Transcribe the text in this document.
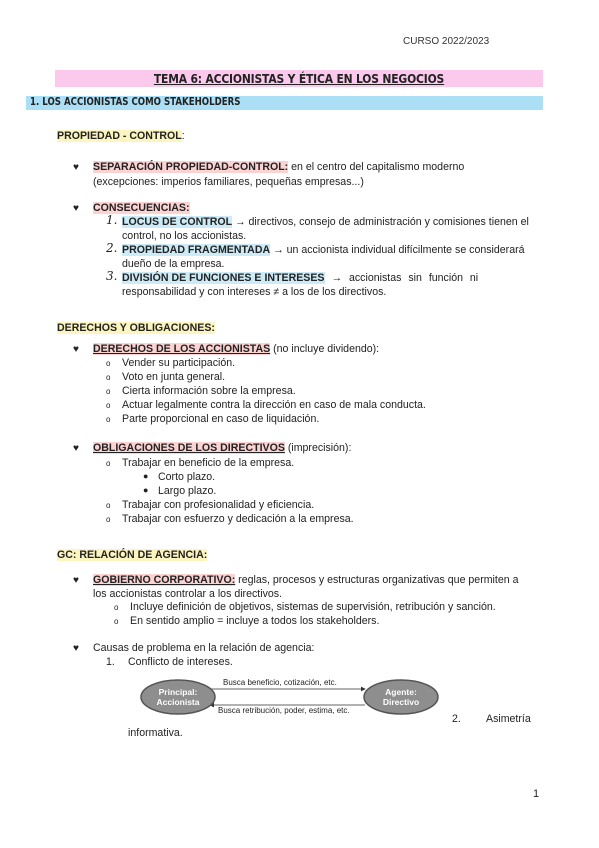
CURSO 2022/2023
TEMA 6: ACCIONISTAS Y ÉTICA EN LOS NEGOCIOS
1. LOS ACCIONISTAS COMO STAKEHOLDERS
PROPIEDAD - CONTROL:
♥ SEPARACIÓN PROPIEDAD-CONTROL: en el centro del capitalismo moderno
(excepciones: imperios familiares, pequeñas empresas...)
♥ CONSECUENCIAS:
1. LOCUS DE CONTROL → directivos, consejo de administración y comisiones tienen el
control, no los accionistas.
2. PROPIEDAD FRAGMENTADA → un accionista individual difícilmente se considerará
dueño de la empresa.
3. DIVISIÓN DE FUNCIONES E INTERESES → accionistas sin función ni
responsabilidad y con intereses ≠ a los de los directivos.
DERECHOS Y OBLIGACIONES:
♥ DERECHOS DE LOS ACCIONISTAS (no incluye dividendo):
o Vender su participación.
o Voto en junta general.
o Cierta información sobre la empresa.
o Actuar legalmente contra la dirección en caso de mala conducta.
o Parte proporcional en caso de liquidación.
♥ OBLIGACIONES DE LOS DIRECTIVOS (imprecisión):
o Trabajar en beneficio de la empresa.
● Corto plazo.
● Largo plazo.
o Trabajar con profesionalidad y eficiencia.
o Trabajar con esfuerzo y dedicación a la empresa.
GC: RELACIÓN DE AGENCIA:
♥ GOBIERNO CORPORATIVO: reglas, procesos y estructuras organizativas que permiten a
los accionistas controlar a los directivos.
o Incluye definición de objetivos, sistemas de supervisión, retribución y sanción.
o En sentido amplio = incluye a todos los stakeholders.
♥ Causas de problema en la relación de agencia:
1. Conflicto de intereses.
Principal:
Accionista
Agente:
Directivo
Busca beneficio, cotización, etc.
Busca retribución, poder, estima, etc.
2. Asimetría
informativa.
1
